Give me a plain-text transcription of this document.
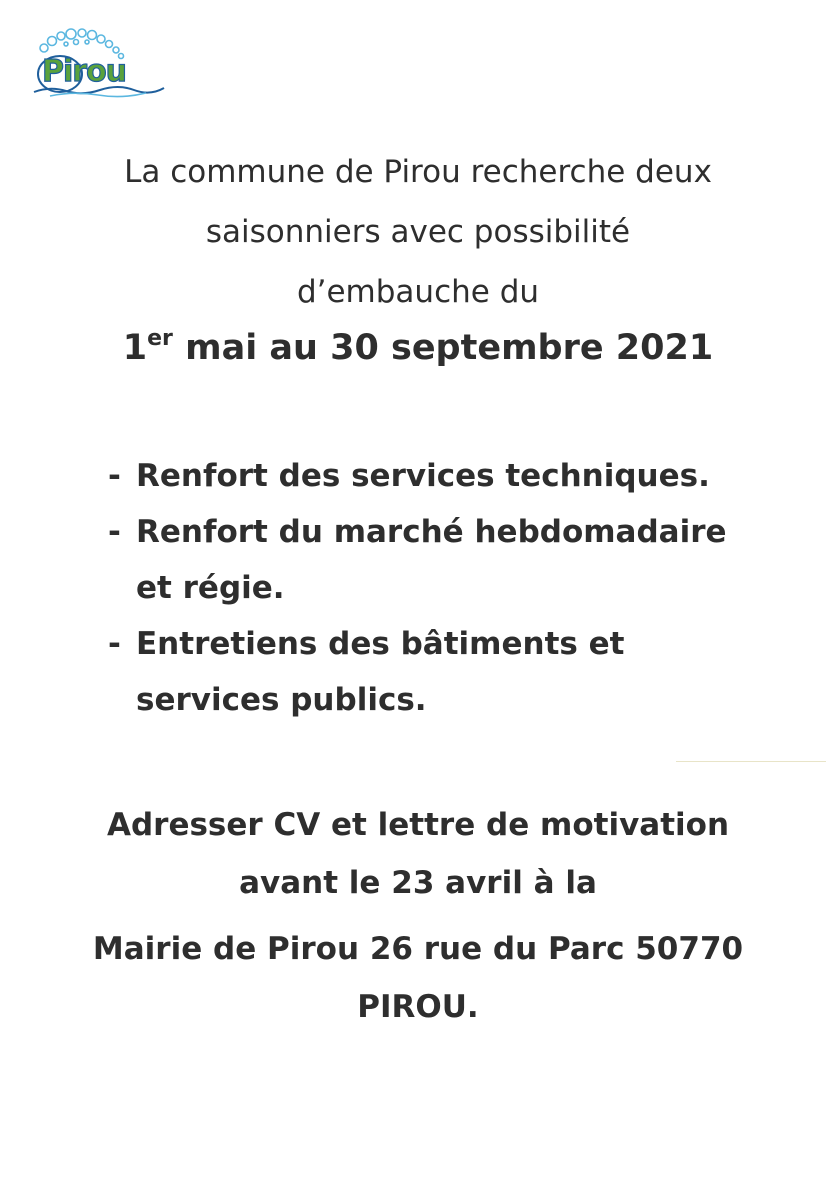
Pirou
La commune de Pirou recherche deux
saisonniers avec possibilité
d’embauche du
1er mai au 30 septembre 2021
- Renfort des services techniques.
- Renfort du marché hebdomadaire
et régie.
- Entretiens des bâtiments et
services publics.
Adresser CV et lettre de motivation
avant le 23 avril à la
Mairie de Pirou 26 rue du Parc 50770
PIROU.
